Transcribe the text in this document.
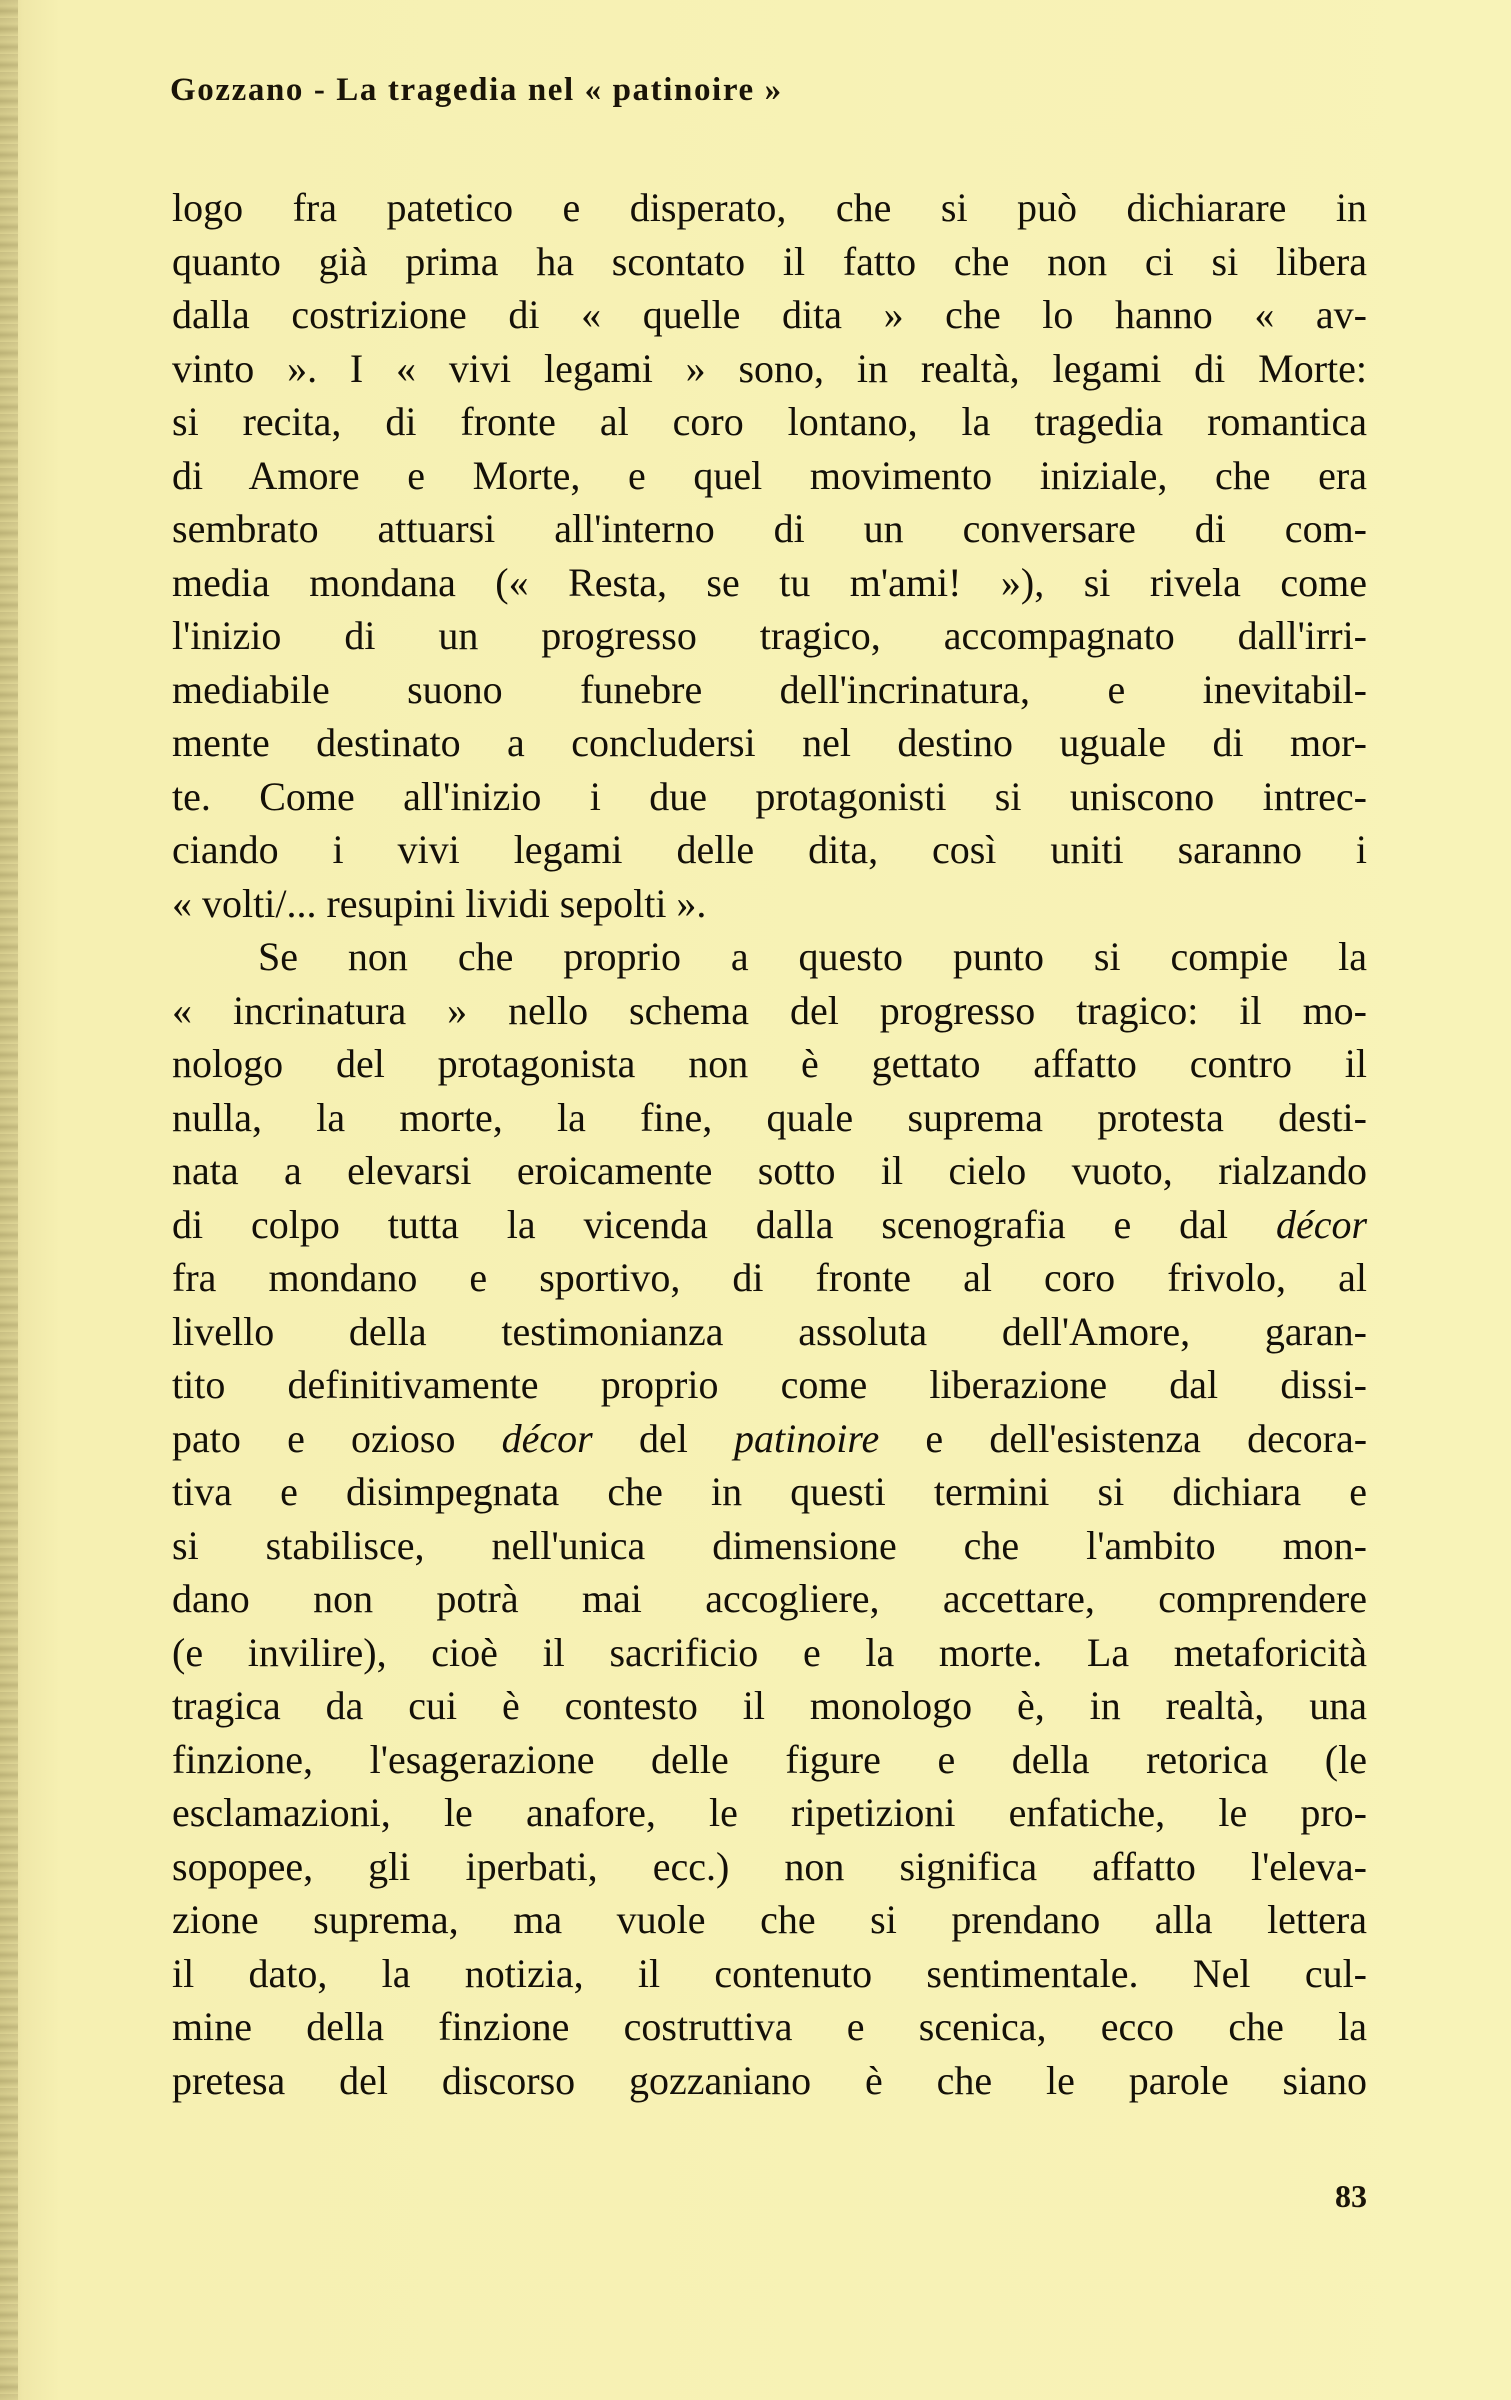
Gozzano - La tragedia nel « patinoire »
logo fra patetico e disperato, che si può dichiarare in
quanto già prima ha scontato il fatto che non ci si libera
dalla costrizione di « quelle dita » che lo hanno « av-
vinto ». I « vivi legami » sono, in realtà, legami di Morte:
si recita, di fronte al coro lontano, la tragedia romantica
di Amore e Morte, e quel movimento iniziale, che era
sembrato attuarsi all'interno di un conversare di com-
media mondana (« Resta, se tu m'ami! »), si rivela come
l'inizio di un progresso tragico, accompagnato dall'irri-
mediabile suono funebre dell'incrinatura, e inevitabil-
mente destinato a concludersi nel destino uguale di mor-
te. Come all'inizio i due protagonisti si uniscono intrec-
ciando i vivi legami delle dita, così uniti saranno i
« volti/... resupini lividi sepolti ».
Se non che proprio a questo punto si compie la
« incrinatura » nello schema del progresso tragico: il mo-
nologo del protagonista non è gettato affatto contro il
nulla, la morte, la fine, quale suprema protesta desti-
nata a elevarsi eroicamente sotto il cielo vuoto, rialzando
di colpo tutta la vicenda dalla scenografia e dal décor
fra mondano e sportivo, di fronte al coro frivolo, al
livello della testimonianza assoluta dell'Amore, garan-
tito definitivamente proprio come liberazione dal dissi-
pato e ozioso décor del patinoire e dell'esistenza decora-
tiva e disimpegnata che in questi termini si dichiara e
si stabilisce, nell'unica dimensione che l'ambito mon-
dano non potrà mai accogliere, accettare, comprendere
(e invilire), cioè il sacrificio e la morte. La metaforicità
tragica da cui è contesto il monologo è, in realtà, una
finzione, l'esagerazione delle figure e della retorica (le
esclamazioni, le anafore, le ripetizioni enfatiche, le pro-
sopopee, gli iperbati, ecc.) non significa affatto l'eleva-
zione suprema, ma vuole che si prendano alla lettera
il dato, la notizia, il contenuto sentimentale. Nel cul-
mine della finzione costruttiva e scenica, ecco che la
pretesa del discorso gozzaniano è che le parole siano
83
